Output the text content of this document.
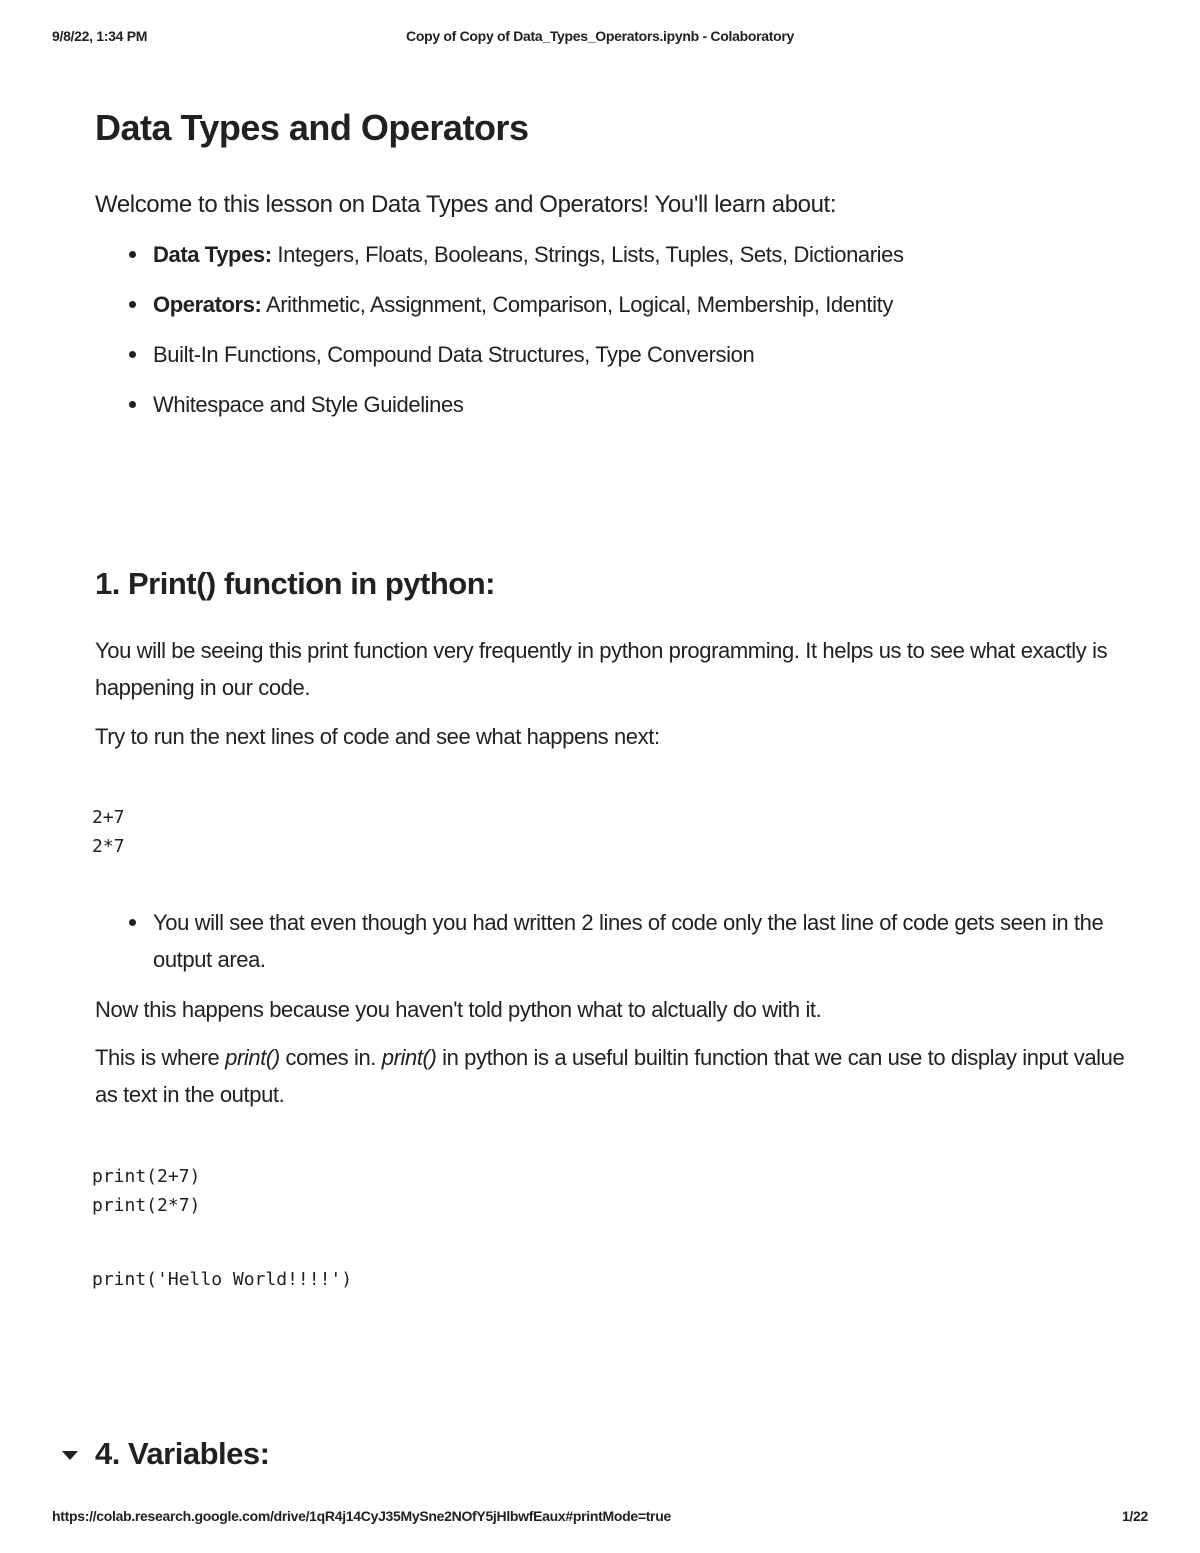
9/8/22, 1:34 PM	Copy of Copy of Data_Types_Operators.ipynb - Colaboratory
Data Types and Operators

Welcome to this lesson on Data Types and Operators! You'll learn about:

Data Types: Integers, Floats, Booleans, Strings, Lists, Tuples, Sets, Dictionaries
Operators: Arithmetic, Assignment, Comparison, Logical, Membership, Identity
Built-In Functions, Compound Data Structures, Type Conversion
Whitespace and Style Guidelines
1. Print() function in python:

You will be seeing this print function very frequently in python programming. It helps us to see what exactly is happening in our code.

Try to run the next lines of code and see what happens next:

2+7
2*7
You will see that even though you had written 2 lines of code only the last line of code gets seen in the output area.

Now this happens because you haven't told python what to alctually do with it.

This is where print() comes in. print() in python is a useful builtin function that we can use to display input value as text in the output.

print(2+7)
print(2*7)
print('Hello World!!!!')
4. Variables:
https://colab.research.google.com/drive/1qR4j14CyJ35MySne2NOfY5jHlbwfEaux#printMode=true	1/22
